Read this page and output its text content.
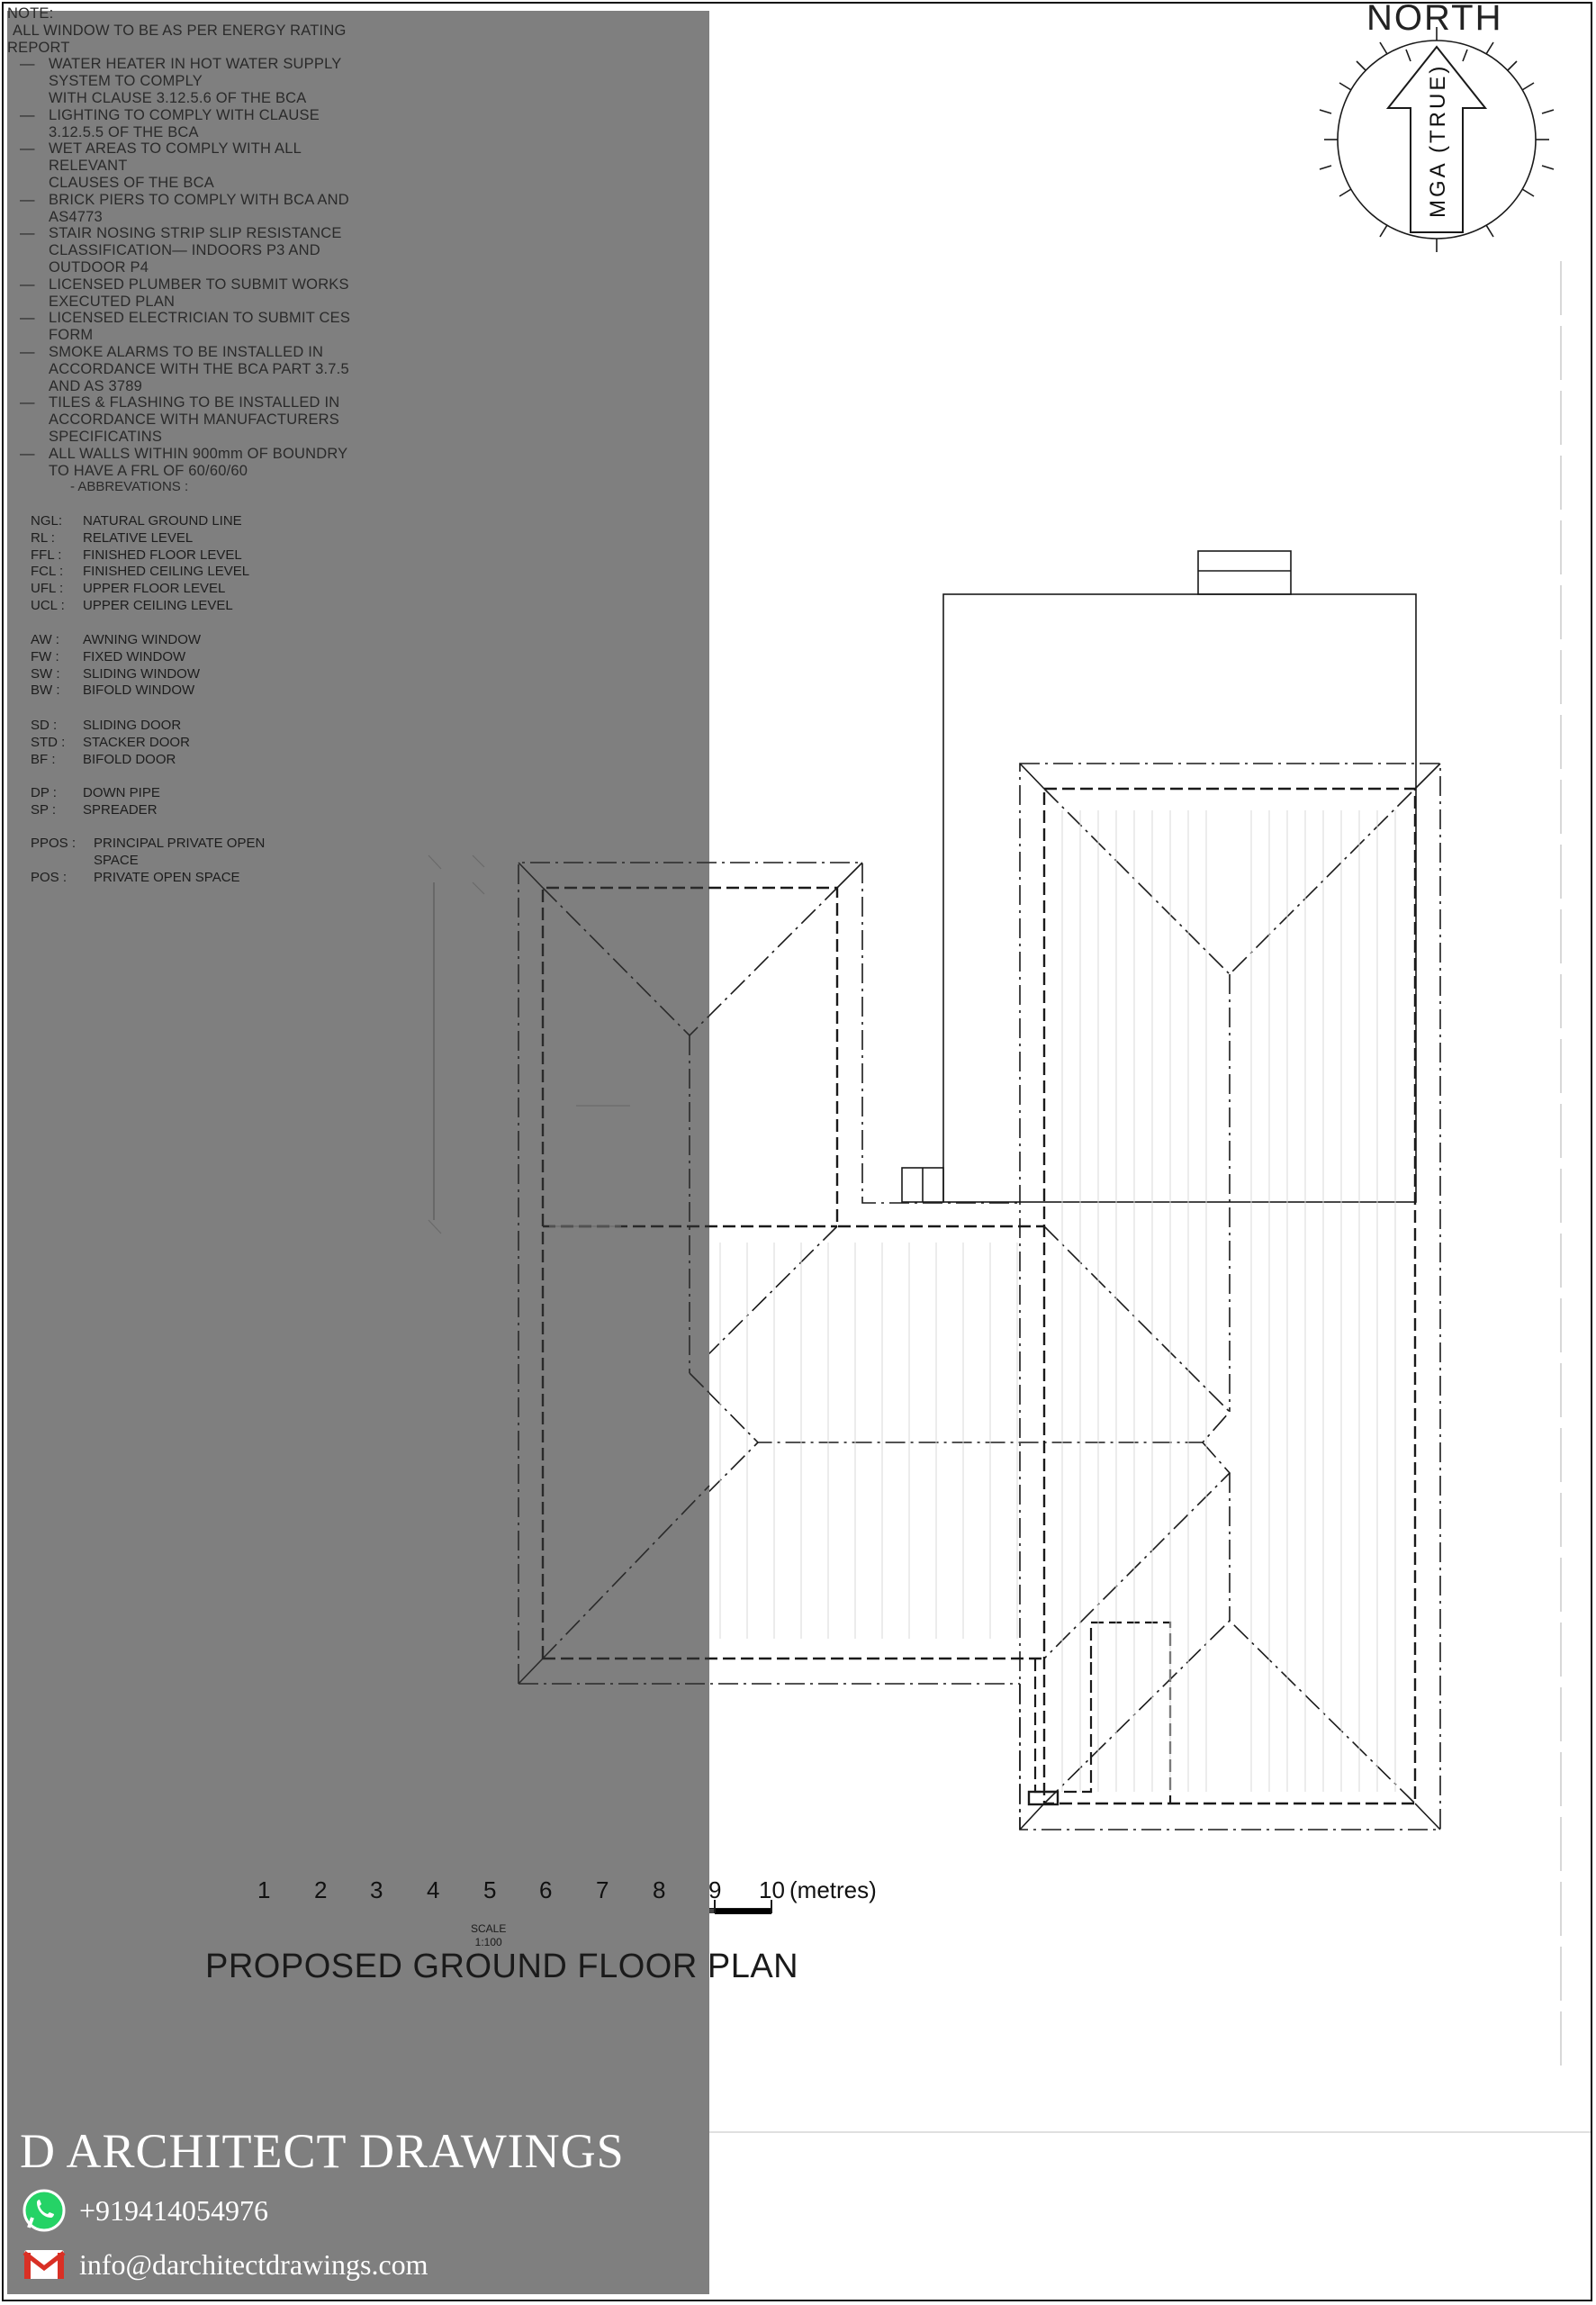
NOTE:

ALL WINDOW TO BE AS PER ENERGY RATING

REPORT

— WATER HEATER IN HOT WATER SUPPLY
SYSTEM TO COMPLY
WITH CLAUSE 3.12.5.6 OF THE BCA
— LIGHTING TO COMPLY WITH CLAUSE
3.12.5.5 OF THE BCA
— WET AREAS TO COMPLY WITH ALL
RELEVANT
CLAUSES OF THE BCA
— BRICK PIERS TO COMPLY WITH BCA AND
AS4773
— STAIR NOSING STRIP SLIP RESISTANCE
CLASSIFICATION— INDOORS P3 AND
OUTDOOR P4
— LICENSED PLUMBER TO SUBMIT WORKS
EXECUTED PLAN
— LICENSED ELECTRICIAN TO SUBMIT CES
FORM
— SMOKE ALARMS TO BE INSTALLED IN
ACCORDANCE WITH THE BCA PART 3.7.5
AND AS 3789
— TILES & FLASHING TO BE INSTALLED IN
ACCORDANCE WITH MANUFACTURERS
SPECIFICATINS
— ALL WALLS WITHIN 900mm OF BOUNDRY
TO HAVE A FRL OF 60/60/60
- ABBREVATIONS :
NGL: NATURAL GROUND LINE
RL : RELATIVE LEVEL
FFL : FINISHED FLOOR LEVEL
FCL : FINISHED CEILING LEVEL
UFL : UPPER FLOOR LEVEL
UCL : UPPER CEILING LEVEL
AW : AWNING WINDOW
FW : FIXED WINDOW
SW : SLIDING WINDOW
BW : BIFOLD WINDOW
SD : SLIDING DOOR
STD : STACKER DOOR
BF : BIFOLD DOOR
DP : DOWN PIPE
SP : SPREADER
PPOS : PRINCIPAL PRIVATE OPEN
SPACE
POS : PRIVATE OPEN SPACE
NORTH
MGA (TRUE)
1 2 3 4 5 6 7 8 9 10 (metres)
SCALE
1:100
PROPOSED GROUND FLOOR PLAN
D ARCHITECT DRAWINGS
+919414054976
info@darchitectdrawings.com
